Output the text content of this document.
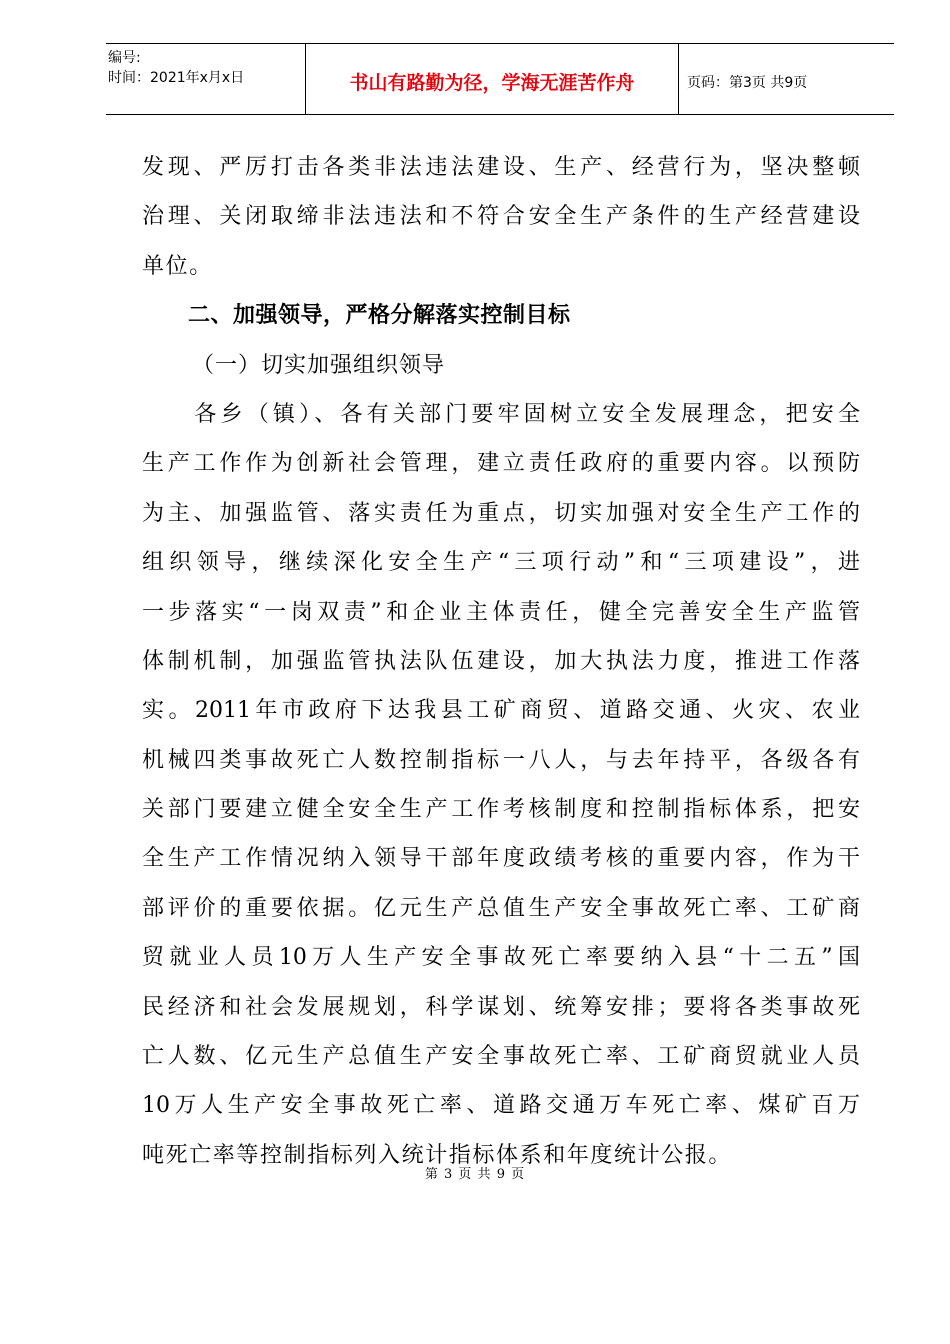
编号:
时间：2021年x月x日	书山有路勤为径，学海无涯苦作舟	页码：第3页 共9页
发现、严厉打击各类非法违法建设、生产、经营行为，坚决整顿
治理、关闭取缔非法违法和不符合安全生产条件的生产经营建设
单位。
二、加强领导，严格分解落实控制目标
（一）切实加强组织领导
　　各乡（镇）、各有关部门要牢固树立安全发展理念，把安全
生产工作作为创新社会管理，建立责任政府的重要内容。以预防
为主、加强监管、落实责任为重点，切实加强对安全生产工作的
组织领导，继续深化安全生产“三项行动”和“三项建设”，进
一步落实“一岗双责”和企业主体责任，健全完善安全生产监管
体制机制，加强监管执法队伍建设，加大执法力度，推进工作落
实。2011年市政府下达我县工矿商贸、道路交通、火灾、农业
机械四类事故死亡人数控制指标一八人，与去年持平，各级各有
关部门要建立健全安全生产工作考核制度和控制指标体系，把安
全生产工作情况纳入领导干部年度政绩考核的重要内容，作为干
部评价的重要依据。亿元生产总值生产安全事故死亡率、工矿商
贸就业人员10万人生产安全事故死亡率要纳入县“十二五”国
民经济和社会发展规划，科学谋划、统筹安排；要将各类事故死
亡人数、亿元生产总值生产安全事故死亡率、工矿商贸就业人员
10万人生产安全事故死亡率、道路交通万车死亡率、煤矿百万
吨死亡率等控制指标列入统计指标体系和年度统计公报。
第 3 页 共 9 页
